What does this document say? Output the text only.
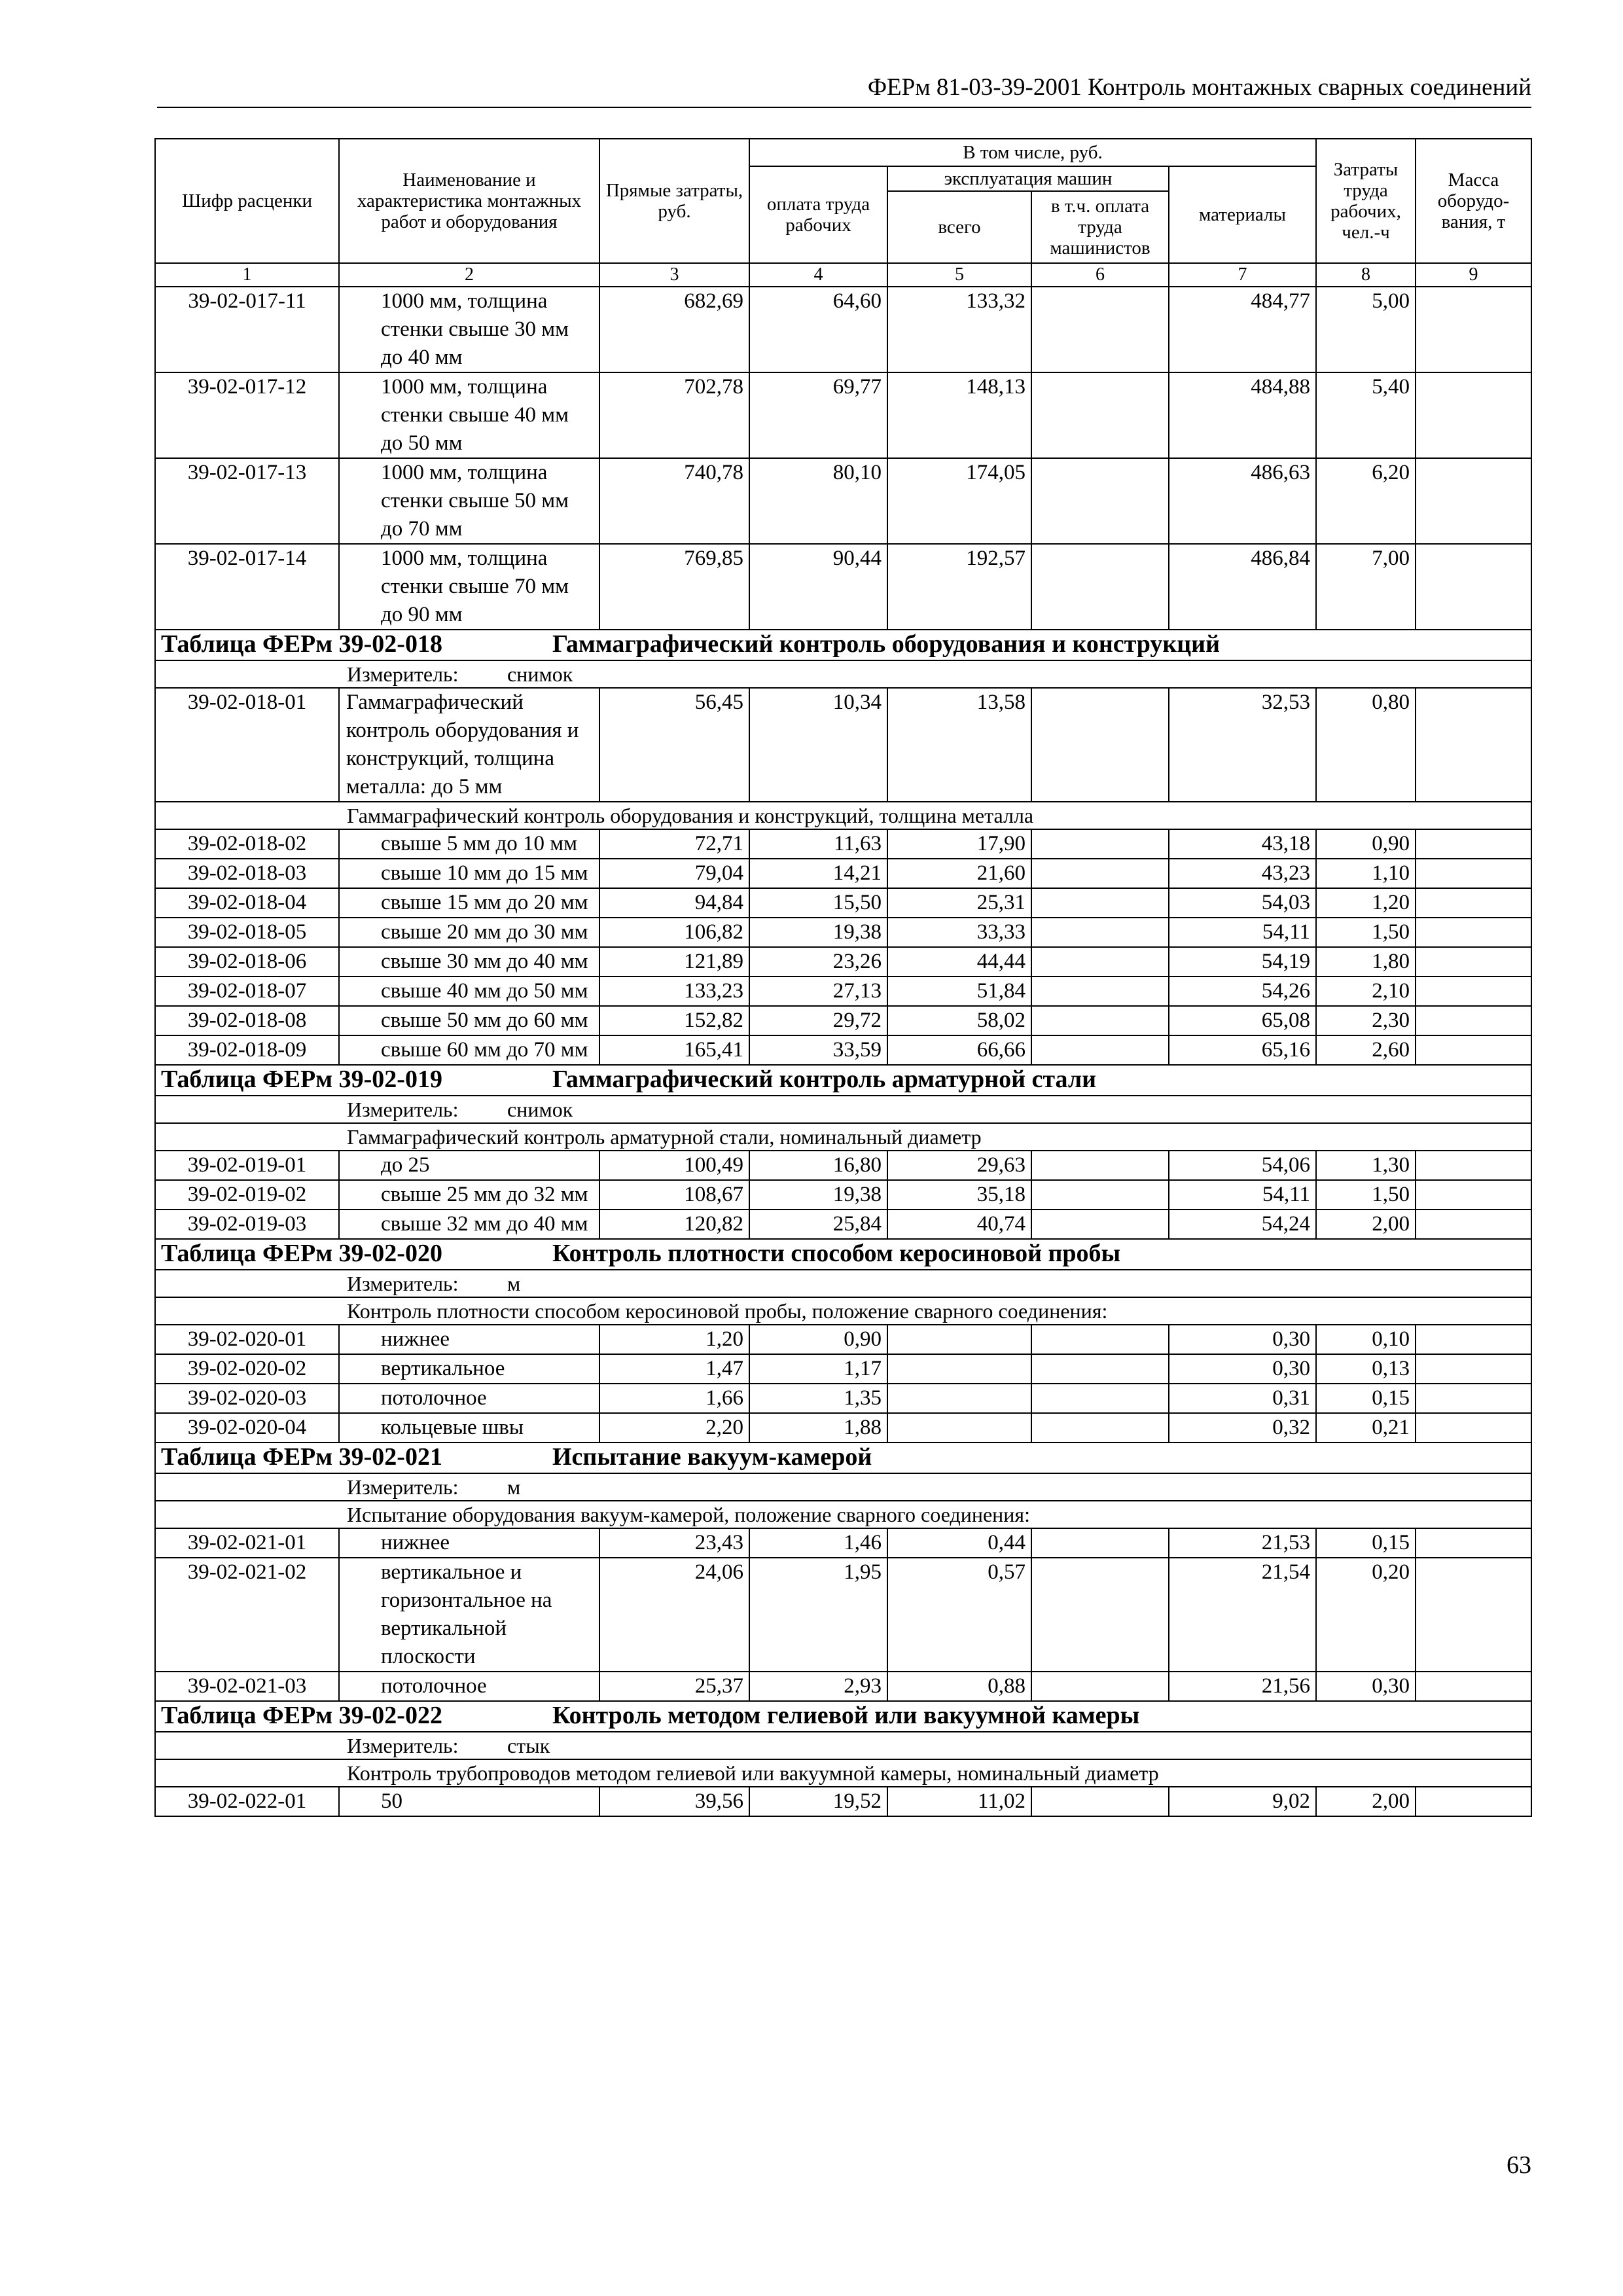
ФЕРм 81-03-39-2001 Контроль монтажных сварных соединений
Шифр расценки	Наименование и характеристика монтажных работ и оборудования	Прямые затраты, руб.	В том числе, руб.				Затраты труда рабочих, чел.-ч	Масса оборудо-вания, т
			оплата труда рабочих	эксплуатация машин		материалы		
				всего	в т.ч. оплата труда машинистов			
1	2	3	4	5	6	7	8	9
39-02-017-11	1000 мм, толщина стенки свыше 30 мм до 40 мм	682,69	64,60	133,32		484,77	5,00	
39-02-017-12	1000 мм, толщина стенки свыше 40 мм до 50 мм	702,78	69,77	148,13		484,88	5,40	
39-02-017-13	1000 мм, толщина стенки свыше 50 мм до 70 мм	740,78	80,10	174,05		486,63	6,20	
39-02-017-14	1000 мм, толщина стенки свыше 70 мм до 90 мм	769,85	90,44	192,57		486,84	7,00	
Таблица ФЕРм 39-02-018 Гаммаграфический контроль оборудования и конструкций								
Измеритель: снимок								
39-02-018-01	Гаммаграфический контроль оборудования и конструкций, толщина металла: до 5 мм	56,45	10,34	13,58		32,53	0,80	
Гаммаграфический контроль оборудования и конструкций, толщина металла								
39-02-018-02	свыше 5 мм до 10 мм	72,71	11,63	17,90		43,18	0,90	
39-02-018-03	свыше 10 мм до 15 мм	79,04	14,21	21,60		43,23	1,10	
39-02-018-04	свыше 15 мм до 20 мм	94,84	15,50	25,31		54,03	1,20	
39-02-018-05	свыше 20 мм до 30 мм	106,82	19,38	33,33		54,11	1,50	
39-02-018-06	свыше 30 мм до 40 мм	121,89	23,26	44,44		54,19	1,80	
39-02-018-07	свыше 40 мм до 50 мм	133,23	27,13	51,84		54,26	2,10	
39-02-018-08	свыше 50 мм до 60 мм	152,82	29,72	58,02		65,08	2,30	
39-02-018-09	свыше 60 мм до 70 мм	165,41	33,59	66,66		65,16	2,60	
Таблица ФЕРм 39-02-019 Гаммаграфический контроль арматурной стали								
Измеритель: снимок								
Гаммаграфический контроль арматурной стали, номинальный диаметр								
39-02-019-01	до 25	100,49	16,80	29,63		54,06	1,30	
39-02-019-02	свыше 25 мм до 32 мм	108,67	19,38	35,18		54,11	1,50	
39-02-019-03	свыше 32 мм до 40 мм	120,82	25,84	40,74		54,24	2,00	
Таблица ФЕРм 39-02-020 Контроль плотности способом керосиновой пробы								
Измеритель: м								
Контроль плотности способом керосиновой пробы, положение сварного соединения:								
39-02-020-01	нижнее	1,20	0,90			0,30	0,10	
39-02-020-02	вертикальное	1,47	1,17			0,30	0,13	
39-02-020-03	потолочное	1,66	1,35			0,31	0,15	
39-02-020-04	кольцевые швы	2,20	1,88			0,32	0,21	
Таблица ФЕРм 39-02-021 Испытание вакуум-камерой								
Измеритель: м								
Испытание оборудования вакуум-камерой, положение сварного соединения:								
39-02-021-01	нижнее	23,43	1,46	0,44		21,53	0,15	
39-02-021-02	вертикальное и горизонтальное на вертикальной плоскости	24,06	1,95	0,57		21,54	0,20	
39-02-021-03	потолочное	25,37	2,93	0,88		21,56	0,30	
Таблица ФЕРм 39-02-022 Контроль методом гелиевой или вакуумной камеры								
Измеритель: стык								
Контроль трубопроводов методом гелиевой или вакуумной камеры, номинальный диаметр								
39-02-022-01	50	39,56	19,52	11,02		9,02	2,00	
63
